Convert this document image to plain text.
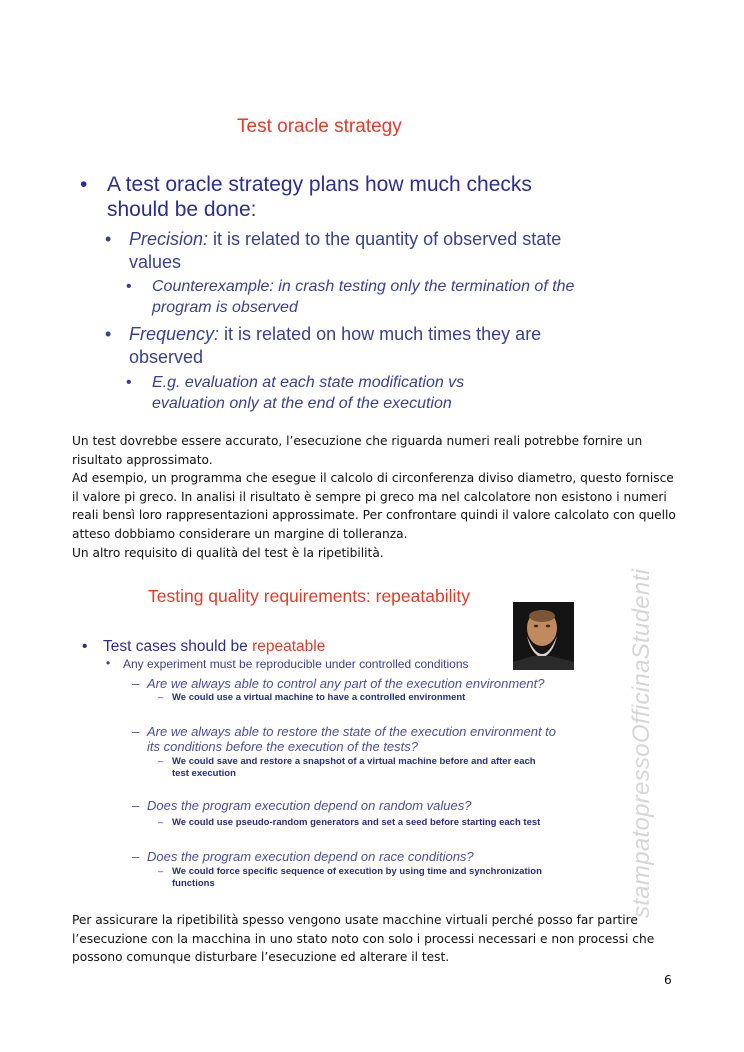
Test oracle strategy
• A test oracle strategy plans how much checks should be done:
• Precision: it is related to the quantity of observed state values
• Counterexample: in crash testing only the termination of the program is observed
• Frequency: it is related on how much times they are observed
• E.g. evaluation at each state modification vs evaluation only at the end of the execution
Un test dovrebbe essere accurato, l’esecuzione che riguarda numeri reali potrebbe fornire un
risultato approssimato.
Ad esempio, un programma che esegue il calcolo di circonferenza diviso diametro, questo fornisce
il valore pi greco. In analisi il risultato è sempre pi greco ma nel calcolatore non esistono i numeri
reali bensì loro rappresentazioni approssimate. Per confrontare quindi il valore calcolato con quello
atteso dobbiamo considerare un margine di tolleranza.
Un altro requisito di qualità del test è la ripetibilità.
Testing quality requirements: repeatability
• Test cases should be repeatable
• Any experiment must be reproducible under controlled conditions
Are we always able to control any part of the execution environment?
–
– We could use a virtual machine to have a controlled environment
– Are we always able to restore the state of the execution environment to
its conditions before the execution of the tests?
– We could save and restore a snapshot of a virtual machine before and after each
test execution
– Does the program execution depend on random values?
– We could use pseudo-random generators and set a seed before starting each test
– Does the program execution depend on race conditions?
– We could force specific sequence of execution by using time and synchronization
functions	stampatopressoOfficinaStudenti
Per assicurare la ripetibilità spesso vengono usate macchine virtuali perché posso far partire
l’esecuzione con la macchina in uno stato noto con solo i processi necessari e non processi che
possono comunque disturbare l’esecuzione ed alterare il test.
6
